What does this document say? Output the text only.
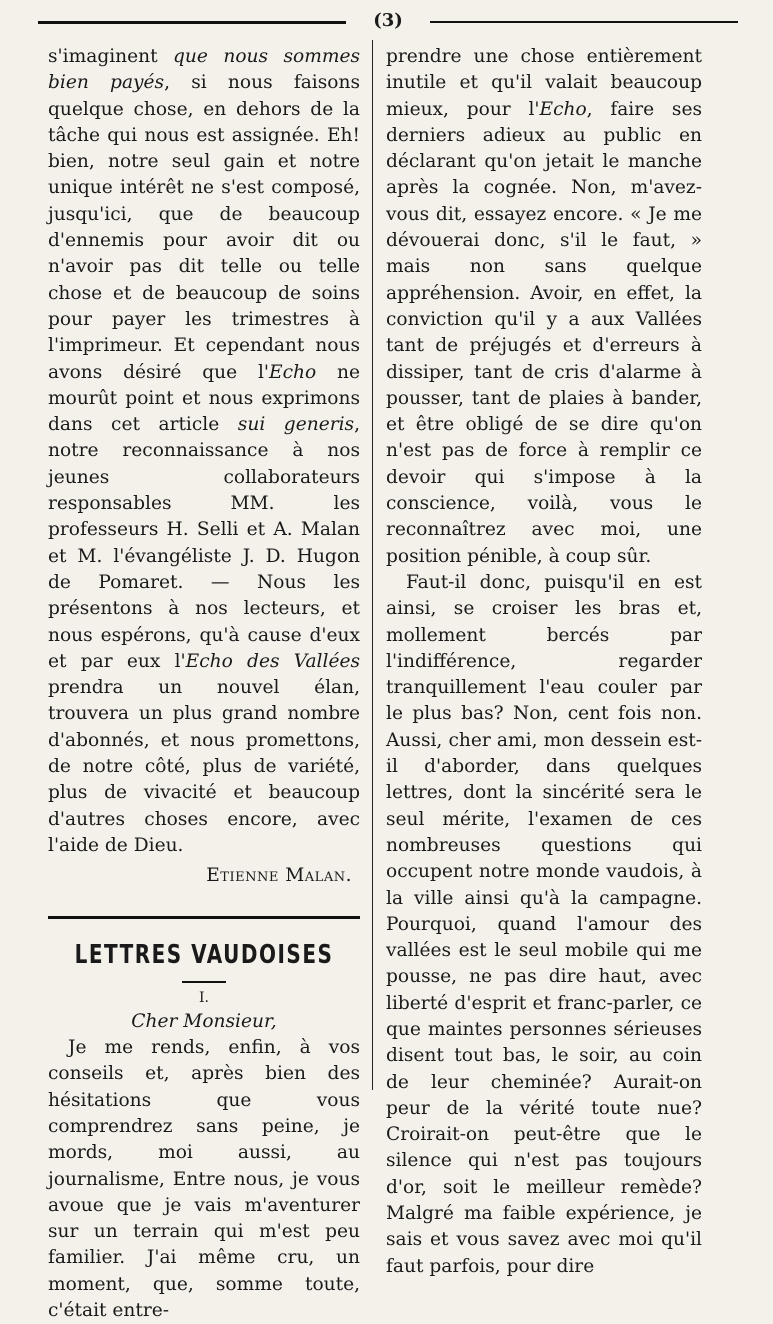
(3)

s'imaginent que nous sommes bien payés, si nous faisons quelque chose, en dehors de la tâche qui nous est assignée. Eh! bien, notre seul gain et notre unique intérêt ne s'est composé, jusqu'ici, que de beaucoup d'ennemis pour avoir dit ou n'avoir pas dit telle ou telle chose et de beaucoup de soins pour payer les trimestres à l'imprimeur. Et cependant nous avons désiré que l'Echo ne mourût point et nous exprimons dans cet article sui generis, notre reconnaissance à nos jeunes collaborateurs responsables MM. les professeurs H. Selli et A. Malan et M. l'évangéliste J. D. Hugon de Pomaret. — Nous les présentons à nos lecteurs, et nous espérons, qu'à cause d'eux et par eux l'Echo des Vallées prendra un nouvel élan, trouvera un plus grand nombre d'abonnés, et nous promettons, de notre côté, plus de variété, plus de vivacité et beaucoup d'autres choses encore, avec l'aide de Dieu.

Etienne Malan.

LETTRES VAUDOISES

I.

Cher Monsieur,

Je me rends, enfin, à vos conseils et, après bien des hésitations que vous comprendrez sans peine, je mords, moi aussi, au journalisme, Entre nous, je vous avoue que je vais m'aventurer sur un terrain qui m'est peu familier. J'ai même cru, un moment, que, somme toute, c'était entre-

prendre une chose entièrement inutile et qu'il valait beaucoup mieux, pour l'Echo, faire ses derniers adieux au public en déclarant qu'on jetait le manche après la cognée. Non, m'avez-vous dit, essayez encore. « Je me dévouerai donc, s'il le faut, » mais non sans quelque appréhension. Avoir, en effet, la conviction qu'il y a aux Vallées tant de préjugés et d'erreurs à dissiper, tant de cris d'alarme à pousser, tant de plaies à bander, et être obligé de se dire qu'on n'est pas de force à remplir ce devoir qui s'impose à la conscience, voilà, vous le reconnaîtrez avec moi, une position pénible, à coup sûr.

Faut-il donc, puisqu'il en est ainsi, se croiser les bras et, mollement bercés par l'indifférence, regarder tranquillement l'eau couler par le plus bas? Non, cent fois non. Aussi, cher ami, mon dessein est-il d'aborder, dans quelques lettres, dont la sincérité sera le seul mérite, l'examen de ces nombreuses questions qui occupent notre monde vaudois, à la ville ainsi qu'à la campagne. Pourquoi, quand l'amour des vallées est le seul mobile qui me pousse, ne pas dire haut, avec liberté d'esprit et franc-parler, ce que maintes personnes sérieuses disent tout bas, le soir, au coin de leur cheminée? Aurait-on peur de la vérité toute nue? Croirait-on peut-être que le silence qui n'est pas toujours d'or, soit le meilleur remède? Malgré ma faible expérience, je sais et vous savez avec moi qu'il faut parfois, pour dire
